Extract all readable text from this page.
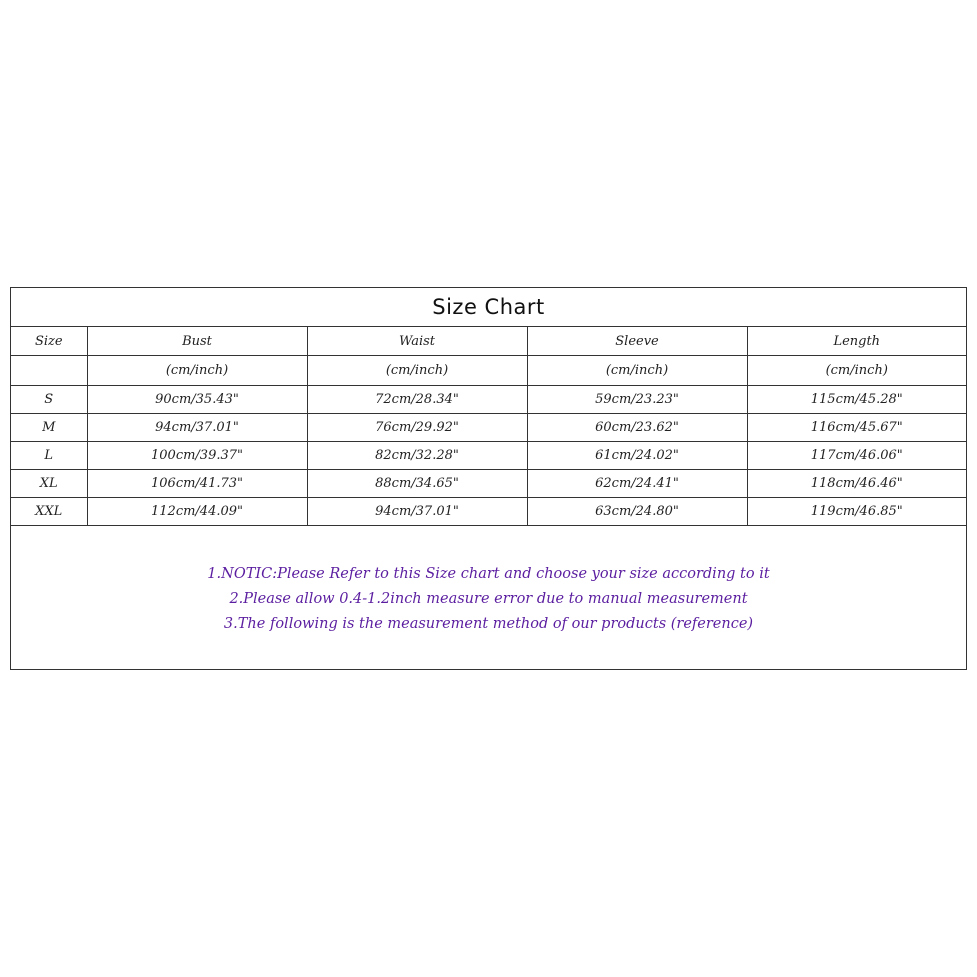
Size Chart				
Size	Bust	Waist	Sleeve	Length
	(cm/inch)	(cm/inch)	(cm/inch)	(cm/inch)
S	90cm/35.43"	72cm/28.34"	59cm/23.23"	115cm/45.28"
M	94cm/37.01"	76cm/29.92"	60cm/23.62"	116cm/45.67"
L	100cm/39.37"	82cm/32.28"	61cm/24.02"	117cm/46.06"
XL	106cm/41.73"	88cm/34.65"	62cm/24.41"	118cm/46.46"
XXL	112cm/44.09"	94cm/37.01"	63cm/24.80"	119cm/46.85"
1.NOTIC:Please Refer to this Size chart and choose your size according to it
2.Please allow 0.4-1.2inch measure error due to manual measurement
3.The following is the measurement method of our products (reference)
